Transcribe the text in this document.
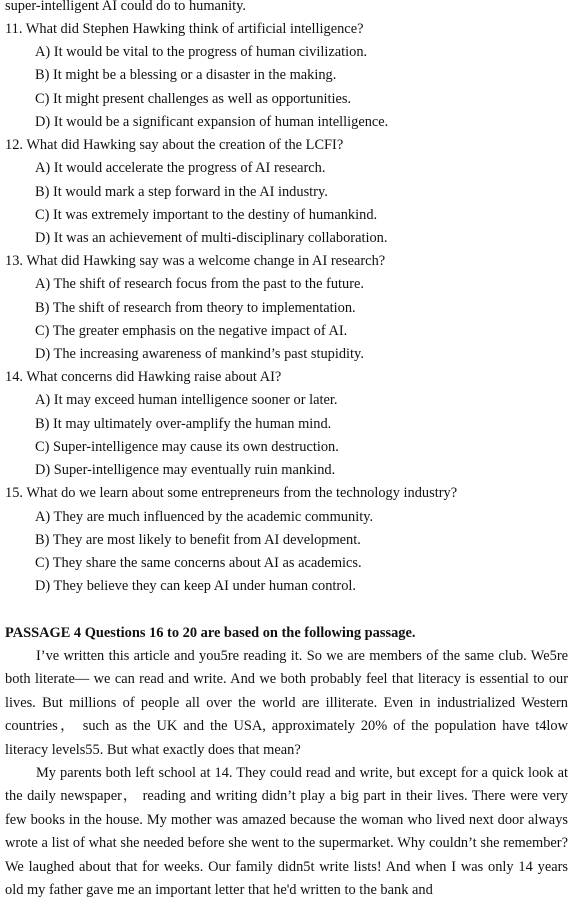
super-intelligent AI could do to humanity.
11. What did Stephen Hawking think of artificial intelligence?
A) It would be vital to the progress of human civilization.
B) It might be a blessing or a disaster in the making.
C) It might present challenges as well as opportunities.
D) It would be a significant expansion of human intelligence.
12. What did Hawking say about the creation of the LCFI?
A) It would accelerate the progress of AI research.
B) It would mark a step forward in the AI industry.
C) It was extremely important to the destiny of humankind.
D) It was an achievement of multi-disciplinary collaboration.
13. What did Hawking say was a welcome change in AI research?
A) The shift of research focus from the past to the future.
B) The shift of research from theory to implementation.
C) The greater emphasis on the negative impact of AI.
D) The increasing awareness of mankind’s past stupidity.
14. What concerns did Hawking raise about AI?
A) It may exceed human intelligence sooner or later.
B) It may ultimately over-amplify the human mind.
C) Super-intelligence may cause its own destruction.
D) Super-intelligence may eventually ruin mankind.
15. What do we learn about some entrepreneurs from the technology industry?
A) They are much influenced by the academic community.
B) They are most likely to benefit from AI development.
C) They share the same concerns about AI as academics.
D) They believe they can keep AI under human control.
PASSAGE 4 Questions 16 to 20 are based on the following passage.

I’ve written this article and you5re reading it. So we are members of the same club. We5re both literate— we can read and write. And we both probably feel that literacy is essential to our lives. But millions of people all over the world are illiterate. Even in industrialized Western countries， such as the UK and the USA, approximately 20% of the population have t4low literacy levels55. But what exactly does that mean?

My parents both left school at 14. They could read and write, but except for a quick look at the daily newspaper， reading and writing didn’t play a big part in their lives. There were very few books in the house. My mother was amazed because the woman who lived next door always wrote a list of what she needed before she went to the supermarket. Why couldn’t she remember? We laughed about that for weeks. Our family didn5t write lists! And when I was only 14 years old my father gave me an important letter that he'd written to the bank and
